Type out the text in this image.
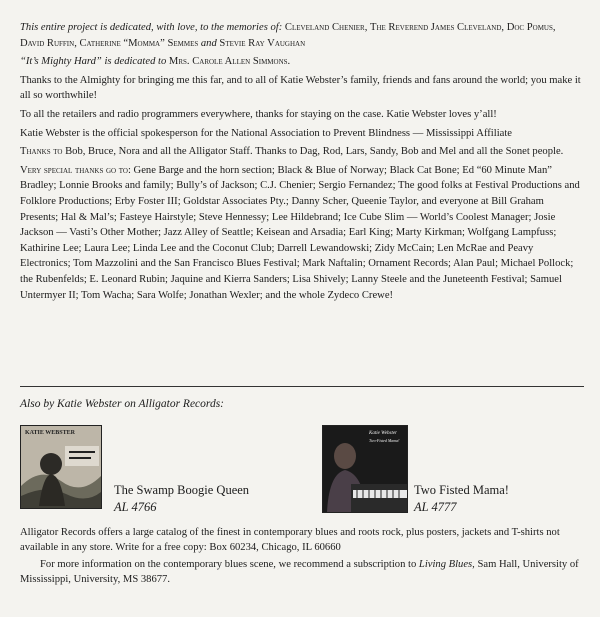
This entire project is dedicated, with love, to the memories of: Cleveland Chenier, The Reverend James Cleveland, Doc Pomus, David Ruffin, Catherine “Momma” Semmes and Stevie Ray Vaughan

“It’s Mighty Hard” is dedicated to Mrs. Carole Allen Simmons.

Thanks to the Almighty for bringing me this far, and to all of Katie Webster’s family, friends and fans around the world; you make it all so worthwhile!

To all the retailers and radio programmers everywhere, thanks for staying on the case. Katie Webster loves y’all!

Katie Webster is the official spokesperson for the National Association to Prevent Blindness — Mississippi Affiliate

Thanks to Bob, Bruce, Nora and all the Alligator Staff. Thanks to Dag, Rod, Lars, Sandy, Bob and Mel and all the Sonet people.

Very special thanks go to: Gene Barge and the horn section; Black & Blue of Norway; Black Cat Bone; Ed “60 Minute Man” Bradley; Lonnie Brooks and family; Bully’s of Jackson; C.J. Chenier; Sergio Fernandez; The good folks at Festival Productions and Folklore Productions; Erby Foster III; Goldstar Associates Pty.; Danny Scher, Queenie Taylor, and everyone at Bill Graham Presents; Hal & Mal’s; Fasteye Hairstyle; Steve Hennessy; Lee Hildebrand; Ice Cube Slim — World’s Coolest Manager; Josie Jackson — Vasti’s Other Mother; Jazz Alley of Seattle; Keisean and Arsadia; Earl King; Marty Kirkman; Wolfgang Lampfuss; Kathirine Lee; Laura Lee; Linda Lee and the Coconut Club; Darrell Lewandowski; Zidy McCain; Len McRae and Peavy Electronics; Tom Mazzolini and the San Francisco Blues Festival; Mark Naftalin; Ornament Records; Alan Paul; Michael Pollock; the Rubenfelds; E. Leonard Rubin; Jaquine and Kierra Sanders; Lisa Shively; Lanny Steele and the Juneteenth Festival; Samuel Untermyer II; Tom Wacha; Sara Wolfe; Jonathan Wexler; and the whole Zydeco Crewe!

Also by Katie Webster on Alligator Records:
KATIE WEBSTER
The Swamp Boogie Queen
AL 4766
Katie Webster
Two-Fisted Mama!
Two Fisted Mama!
AL 4777
Alligator Records offers a large catalog of the finest in contemporary blues and roots rock, plus posters, jackets and T-shirts not available in any store. Write for a free copy: Box 60234, Chicago, IL 60660
For more information on the contemporary blues scene, we recommend a subscription to Living Blues, Sam Hall, University of Mississippi, University, MS 38677.
